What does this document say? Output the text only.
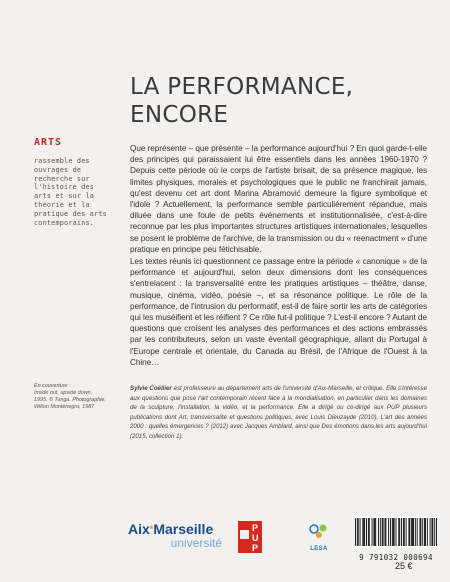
LA PERFORMANCE,
ENCORE
ARTS
rassemble des ouvrages de recherche sur l'histoire des arts et sur la théorie et la pratique des arts contemporains.

Que représente – que présente – la performance aujourd'hui ? En quoi garde-t-elle des principes qui paraissaient lui être essentiels dans les années 1960-1970 ? Depuis cette période où le corps de l'artiste brisait, de sa présence magique, les limites physiques, morales et psychologiques que le public ne franchirait jamais, qu'est devenu cet art dont Marina Abramović demeure la figure symbolique et l'idole ? Actuellement, la performance semble particulièrement répandue, mais diluée dans une foule de petits événements et institutionnalisée, c'est-à-dire reconnue par les plus importantes structures artistiques internationales, lesquelles se posent le problème de l'archive, de la transmission ou du « reenactment » d'une pratique en principe peu fétichisable.

Les textes réunis ici questionnent ce passage entre la période « canonique » de la performance et aujourd'hui, selon deux dimensions dont les conséquences s'entrelacent : la transversalité entre les pratiques artistiques – théâtre, danse, musique, cinéma, vidéo, poésie –, et sa résonance politique. Le rôle de la performance, de l'intrusion du performatif, est-il de faire sortir les arts de catégories qui les muséifient et les réifient ? Ce rôle fut-il politique ? L'est-il encore ? Autant de questions que croisent les analyses des performances et des actions embrassés par les contributeurs, selon un vaste éventail géographique, allant du Portugal à l'Europe centrale et orientale, du Canada au Brésil, de l'Afrique de l'Ouest à la Chine…

En couverture :
Inside out, upside down,
1995. © Tunga. Photographie,
Wilton Montenegro, 1987
Sylvie Coëllier est professeure au département arts de l'université d'Aix-Marseille, et critique. Elle s'intéresse aux questions que pose l'art contemporain récent face à la mondialisation, en particulier dans les domaines de la sculpture, l'installation, la vidéo, et la performance. Elle a dirigé ou co-dirigé aux PUP plusieurs publications dont Art, transversalité et questions politiques, avec Louis Dieuzayde (2010), L'art des années 2000 : quelles émergences ? (2012) avec Jacques Amblard, ainsi que Des émotions dans les arts aujourd'hui (2015, collection 1).
Aix*Marseille
université
P
U
P	LESA
9 791032 000694
25 €
